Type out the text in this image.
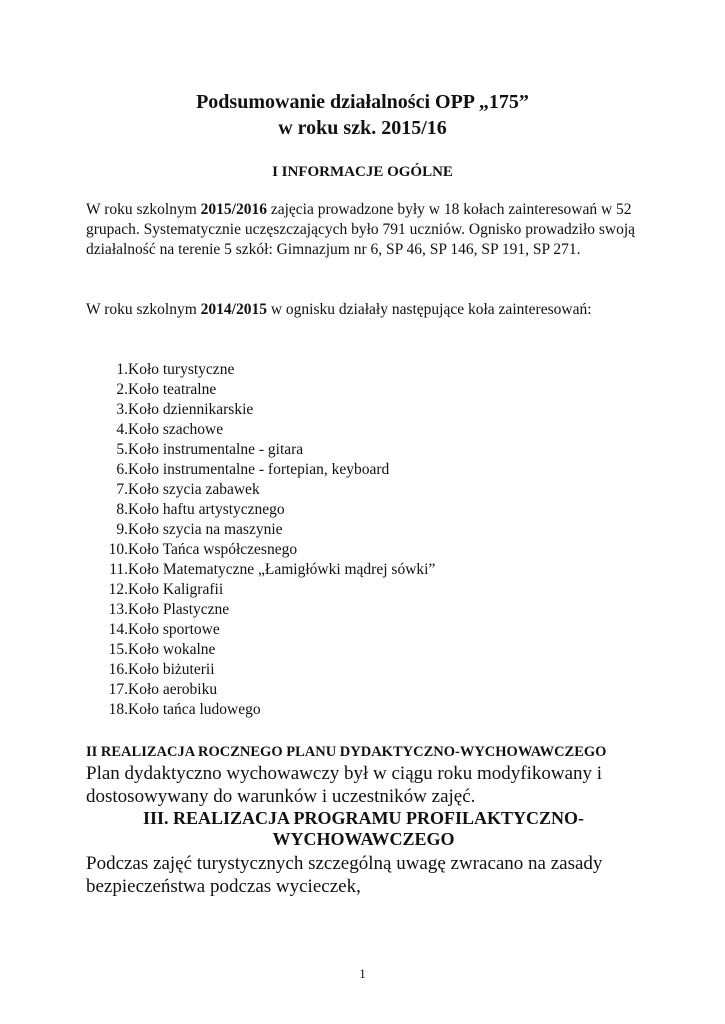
Podsumowanie działalności OPP „175”
w roku szk. 2015/16
I INFORMACJE OGÓLNE
W roku szkolnym 2015/2016 zajęcia prowadzone były w 18 kołach zainteresowań w 52 grupach. Systematycznie uczęszczających było 791 uczniów. Ognisko prowadziło swoją działalność na terenie 5 szkół: Gimnazjum nr 6, SP 46, SP 146, SP 191, SP 271.
W roku szkolnym 2014/2015 w ognisku działały następujące koła zainteresowań:
1. Koło turystyczne
2. Koło teatralne
3. Koło dziennikarskie
4. Koło szachowe
5. Koło instrumentalne - gitara
6. Koło instrumentalne - fortepian, keyboard
7. Koło szycia zabawek
8. Koło haftu artystycznego
9. Koło szycia na maszynie
10. Koło Tańca współczesnego
11. Koło Matematyczne „Łamigłówki mądrej sówki”
12. Koło Kaligrafii
13. Koło Plastyczne
14. Koło sportowe
15. Koło wokalne
16. Koło biżuterii
17. Koło aerobiku
18. Koło tańca ludowego
II REALIZACJA ROCZNEGO PLANU DYDAKTYCZNO-WYCHOWAWCZEGO
Plan dydaktyczno wychowawczy był w ciągu roku modyfikowany i dostosowywany do warunków i uczestników zajęć.
III. REALIZACJA PROGRAMU PROFILAKTYCZNO-WYCHOWAWCZEGO
Podczas zajęć turystycznych szczególną uwagę zwracano na zasady bezpieczeństwa podczas wycieczek,
1
